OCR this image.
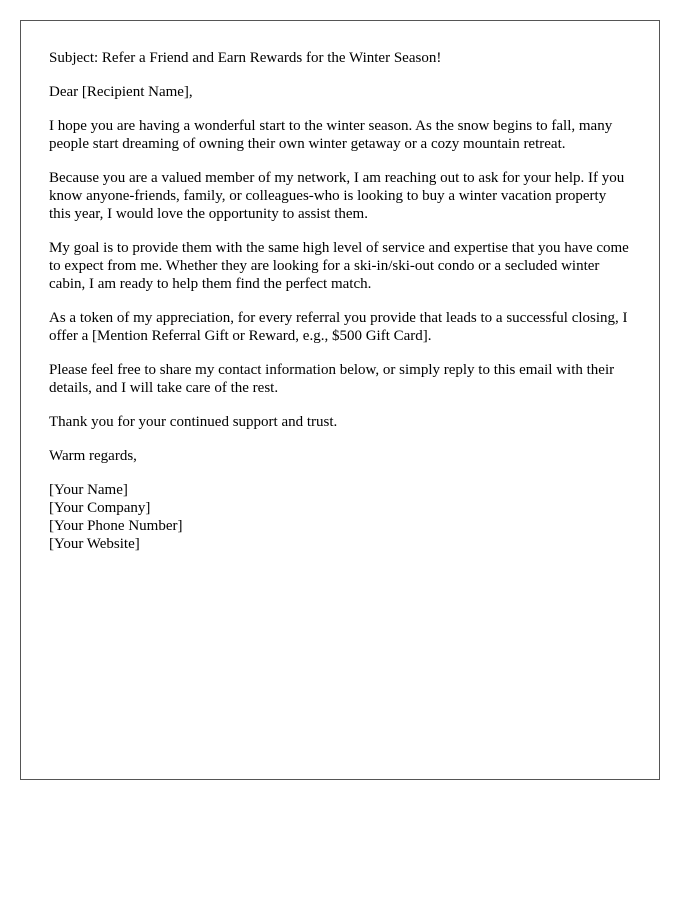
Subject: Refer a Friend and Earn Rewards for the Winter Season!

Dear [Recipient Name],

I hope you are having a wonderful start to the winter season. As the snow begins to fall, many people start dreaming of owning their own winter getaway or a cozy mountain retreat.

Because you are a valued member of my network, I am reaching out to ask for your help. If you know anyone-friends, family, or colleagues-who is looking to buy a winter vacation property this year, I would love the opportunity to assist them.

My goal is to provide them with the same high level of service and expertise that you have come to expect from me. Whether they are looking for a ski-in/ski-out condo or a secluded winter cabin, I am ready to help them find the perfect match.

As a token of my appreciation, for every referral you provide that leads to a successful closing, I offer a [Mention Referral Gift or Reward, e.g., $500 Gift Card].

Please feel free to share my contact information below, or simply reply to this email with their details, and I will take care of the rest.

Thank you for your continued support and trust.

Warm regards,

[Your Name]
[Your Company]
[Your Phone Number]
[Your Website]
